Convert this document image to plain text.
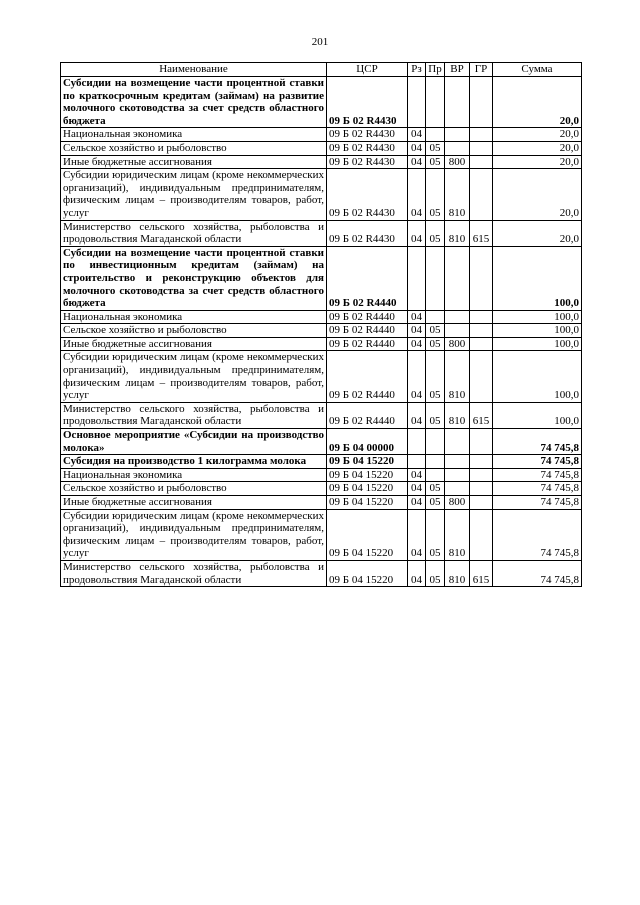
201
Наименование	ЦСР	Рз	Пр	ВР	ГР	Сумма
Субсидии на возмещение части процентной ставки по краткосрочным кредитам (займам) на развитие молочного скотоводства за счет средств областного бюджета	09 Б 02 R4430					20,0
Национальная экономика	09 Б 02 R4430	04				20,0
Сельское хозяйство и рыболовство	09 Б 02 R4430	04	05			20,0
Иные бюджетные ассигнования	09 Б 02 R4430	04	05	800		20,0
Субсидии юридическим лицам (кроме некоммерческих организаций), индивидуальным предпринимателям, физическим лицам – производителям товаров, работ, услуг	09 Б 02 R4430	04	05	810		20,0
Министерство сельского хозяйства, рыболовства и продовольствия Магаданской области	09 Б 02 R4430	04	05	810	615	20,0
Субсидии на возмещение части процентной ставки по инвестиционным кредитам (займам) на строительство и реконструкцию объектов для молочного скотоводства за счет средств областного бюджета	09 Б 02 R4440					100,0
Национальная экономика	09 Б 02 R4440	04				100,0
Сельское хозяйство и рыболовство	09 Б 02 R4440	04	05			100,0
Иные бюджетные ассигнования	09 Б 02 R4440	04	05	800		100,0
Субсидии юридическим лицам (кроме некоммерческих организаций), индивидуальным предпринимателям, физическим лицам – производителям товаров, работ, услуг	09 Б 02 R4440	04	05	810		100,0
Министерство сельского хозяйства, рыболовства и продовольствия Магаданской области	09 Б 02 R4440	04	05	810	615	100,0
Основное мероприятие «Субсидии на производство молока»	09 Б 04 00000					74 745,8
Субсидия на производство 1 килограмма молока	09 Б 04 15220					74 745,8
Национальная экономика	09 Б 04 15220	04				74 745,8
Сельское хозяйство и рыболовство	09 Б 04 15220	04	05			74 745,8
Иные бюджетные ассигнования	09 Б 04 15220	04	05	800		74 745,8
Субсидии юридическим лицам (кроме некоммерческих организаций), индивидуальным предпринимателям, физическим лицам – производителям товаров, работ, услуг	09 Б 04 15220	04	05	810		74 745,8
Министерство сельского хозяйства, рыболовства и продовольствия Магаданской области	09 Б 04 15220	04	05	810	615	74 745,8
